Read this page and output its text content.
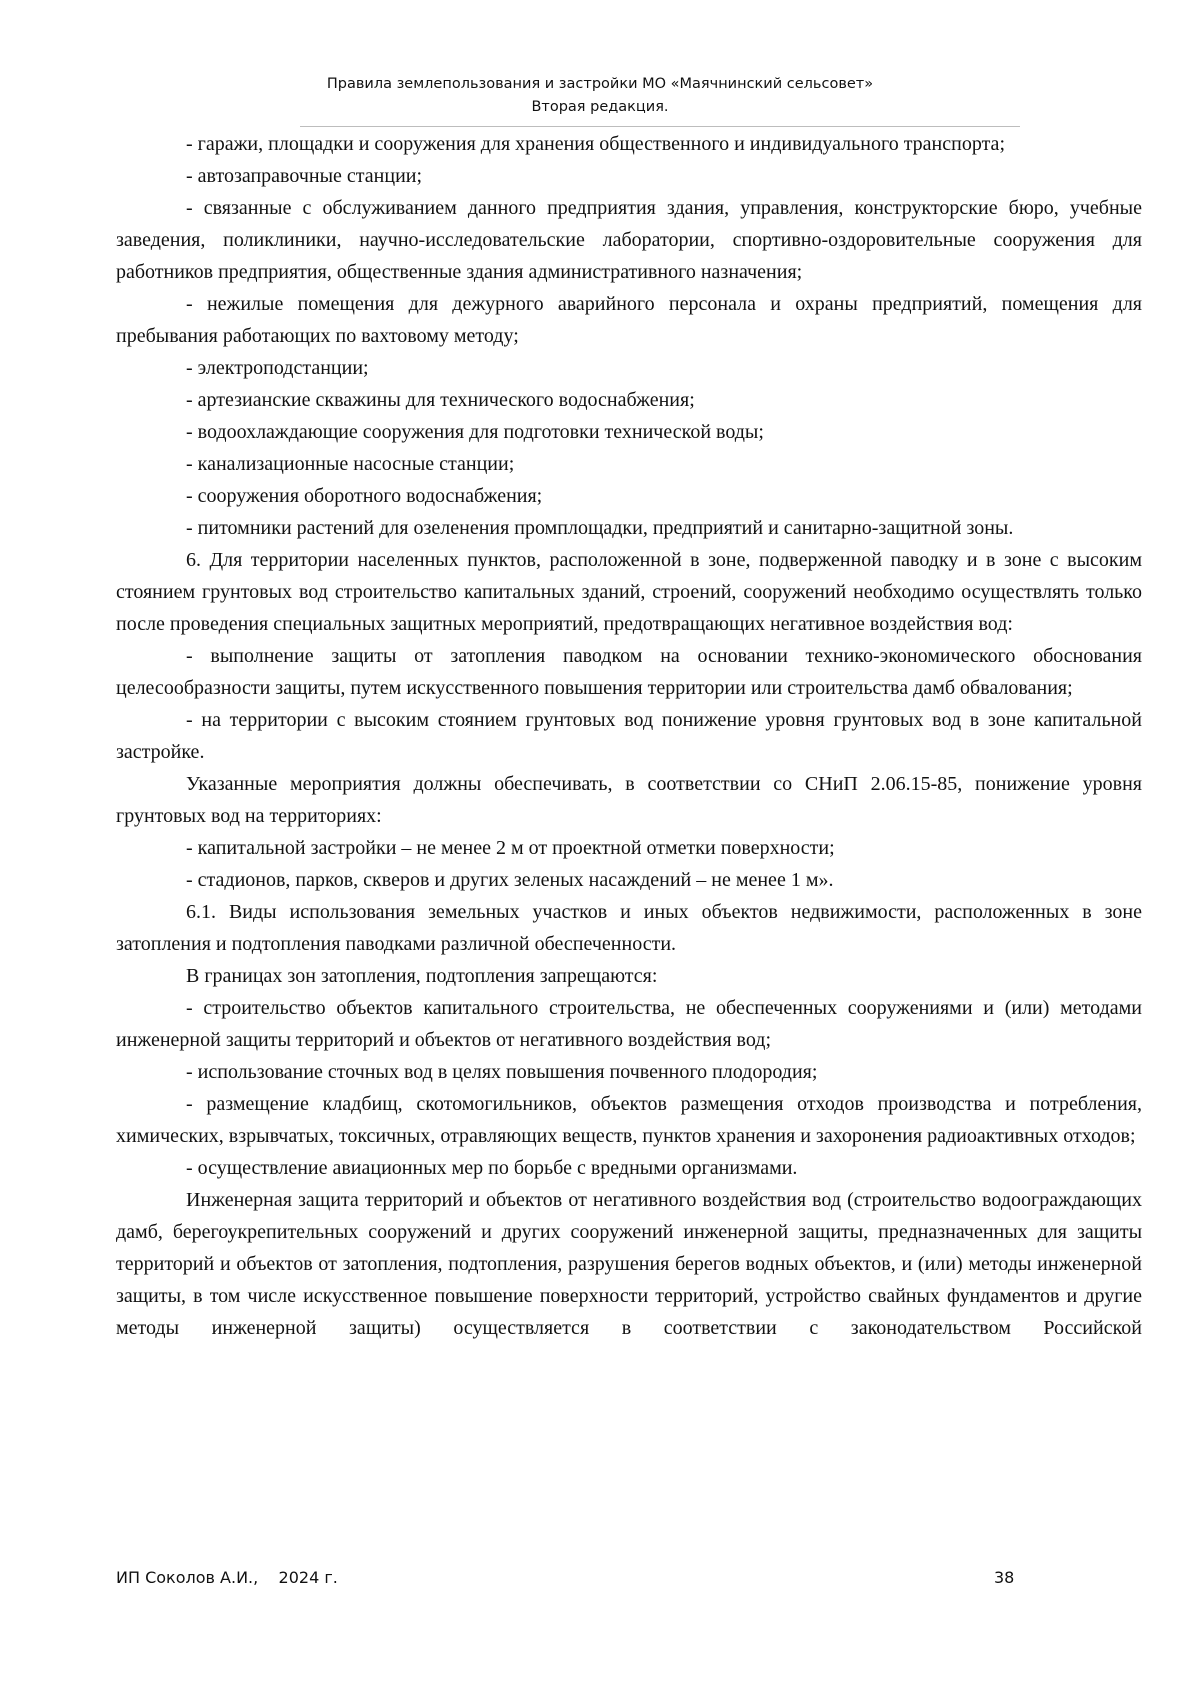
Правила землепользования и застройки МО «Маячнинский сельсовет»
Вторая редакция.

- гаражи, площадки и сооружения для хранения общественного и индивидуального транспорта;

- автозаправочные станции;

- связанные с обслуживанием данного предприятия здания, управления, конструкторские бюро, учебные заведения, поликлиники, научно-исследовательские лаборатории, спортивно-оздоровительные сооружения для работников предприятия, общественные здания административного назначения;

- нежилые помещения для дежурного аварийного персонала и охраны предприятий, помещения для пребывания работающих по вахтовому методу;

- электроподстанции;

- артезианские скважины для технического водоснабжения;

- водоохлаждающие сооружения для подготовки технической воды;

- канализационные насосные станции;

- сооружения оборотного водоснабжения;

- питомники растений для озеленения промплощадки, предприятий и санитарно-защитной зоны.

6. Для территории населенных пунктов, расположенной в зоне, подверженной паводку и в зоне с высоким стоянием грунтовых вод строительство капитальных зданий, строений, сооружений необходимо осуществлять только после проведения специальных защитных мероприятий, предотвращающих негативное воздействия вод:

- выполнение защиты от затопления паводком на основании технико-экономического обоснования целесообразности защиты, путем искусственного повышения территории или строительства дамб обвалования;

- на территории с высоким стоянием грунтовых вод понижение уровня грунтовых вод в зоне капитальной застройке.

Указанные мероприятия должны обеспечивать, в соответствии со СНиП 2.06.15-85, понижение уровня грунтовых вод на территориях:

- капитальной застройки – не менее 2 м от проектной отметки поверхности;

- стадионов, парков, скверов и других зеленых насаждений – не менее 1 м».

6.1. Виды использования земельных участков и иных объектов недвижимости, расположенных в зоне затопления и подтопления паводками различной обеспеченности.

В границах зон затопления, подтопления запрещаются:

- строительство объектов капитального строительства, не обеспеченных сооружениями и (или) методами инженерной защиты территорий и объектов от негативного воздействия вод;

- использование сточных вод в целях повышения почвенного плодородия;

- размещение кладбищ, скотомогильников, объектов размещения отходов производства и потребления, химических, взрывчатых, токсичных, отравляющих веществ, пунктов хранения и захоронения радиоактивных отходов;

- осуществление авиационных мер по борьбе с вредными организмами.

Инженерная защита территорий и объектов от негативного воздействия вод (строительство водоограждающих дамб, берегоукрепительных сооружений и других сооружений инженерной защиты, предназначенных для защиты территорий и объектов от затопления, подтопления, разрушения берегов водных объектов, и (или) методы инженерной защиты, в том числе искусственное повышение поверхности территорий, устройство свайных фундаментов и другие методы инженерной защиты) осуществляется в соответствии с законодательством Российской

ИП Соколов А.И.,    2024 г.	38
